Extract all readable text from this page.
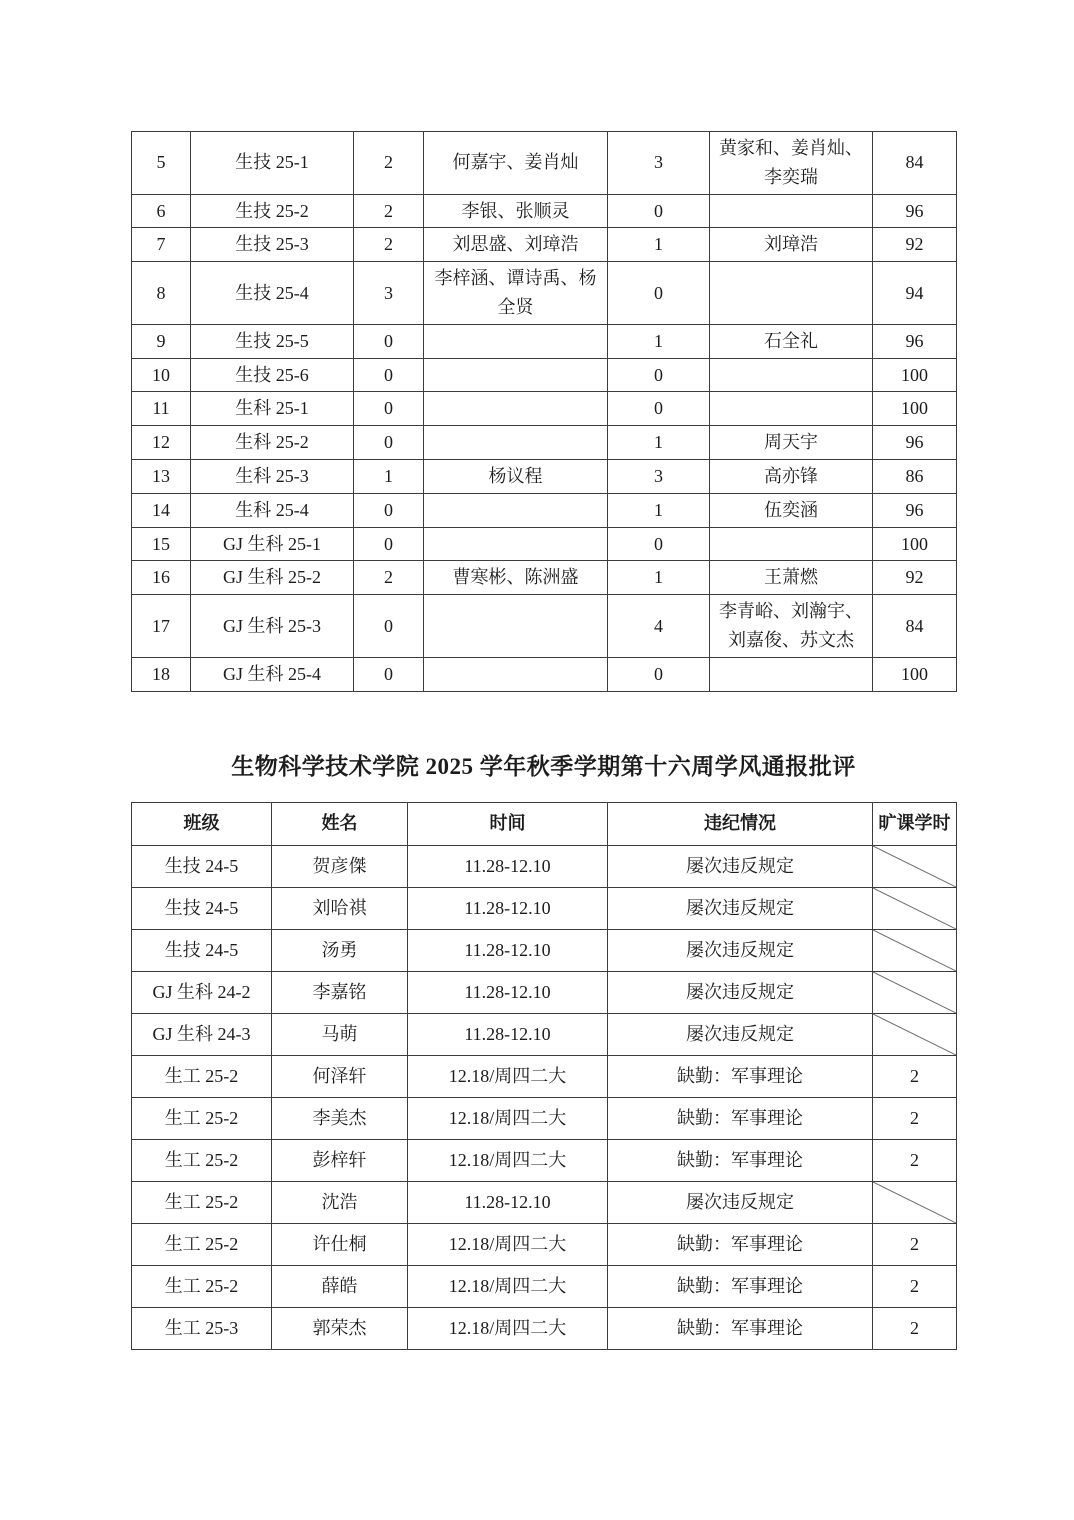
5	生技 25-1	2	何嘉宇、姜肖灿	3	黄家和、姜肖灿、李奕瑞	84
6	生技 25-2	2	李银、张顺灵	0		96
7	生技 25-3	2	刘思盛、刘璋浩	1	刘璋浩	92
8	生技 25-4	3	李梓涵、谭诗禹、杨全贤	0		94
9	生技 25-5	0		1	石全礼	96
10	生技 25-6	0		0		100
11	生科 25-1	0		0		100
12	生科 25-2	0		1	周天宇	96
13	生科 25-3	1	杨议程	3	高亦锋	86
14	生科 25-4	0		1	伍奕涵	96
15	GJ 生科 25-1	0		0		100
16	GJ 生科 25-2	2	曹寒彬、陈洲盛	1	王萧燃	92
17	GJ 生科 25-3	0		4	李青峪、刘瀚宇、刘嘉俊、苏文杰	84
18	GJ 生科 25-4	0		0		100
生物科学技术学院 2025 学年秋季学期第十六周学风通报批评
班级	姓名	时间	违纪情况	旷课学时
生技 24-5	贺彦傑	11.28-12.10	屡次违反规定	

生技 24-5	刘哈祺	11.28-12.10	屡次违反规定	

生技 24-5	汤勇	11.28-12.10	屡次违反规定	

GJ 生科 24-2	李嘉铭	11.28-12.10	屡次违反规定	

GJ 生科 24-3	马萌	11.28-12.10	屡次违反规定	

生工 25-2	何泽轩	12.18/周四二大	缺勤：军事理论	2
生工 25-2	李美杰	12.18/周四二大	缺勤：军事理论	2
生工 25-2	彭梓轩	12.18/周四二大	缺勤：军事理论	2
生工 25-2	沈浩	11.28-12.10	屡次违反规定	

生工 25-2	许仕桐	12.18/周四二大	缺勤：军事理论	2
生工 25-2	薛皓	12.18/周四二大	缺勤：军事理论	2
生工 25-3	郭荣杰	12.18/周四二大	缺勤：军事理论	2
